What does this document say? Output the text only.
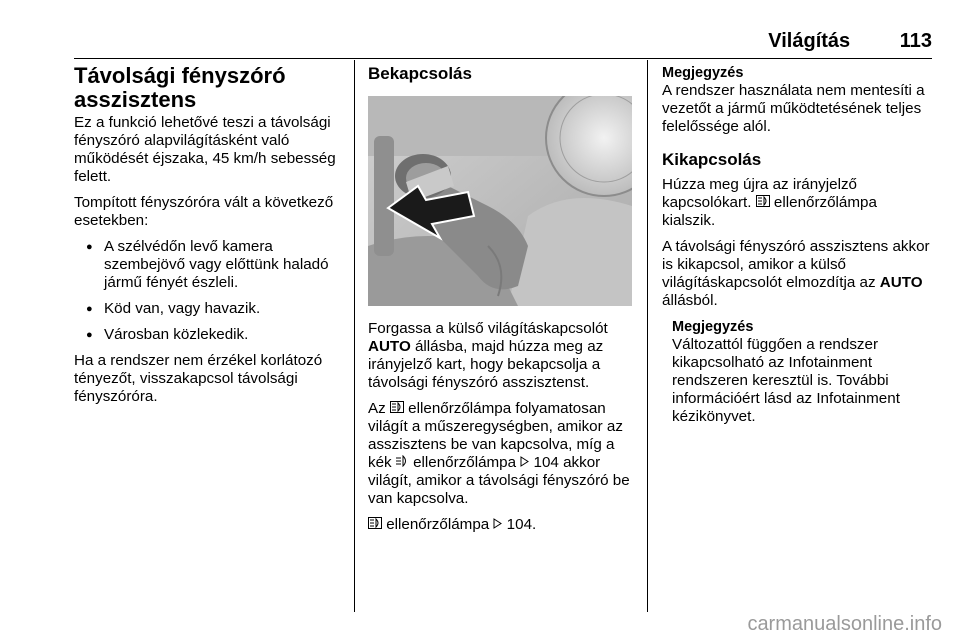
Világítás 113
Távolsági fényszóró asszisztens

Ez a funkció lehetővé teszi a távolsági fényszóró alapvilágításként való működését éjszaka, 45 km/h sebesség felett.

Tompított fényszóróra vált a következő esetekben:

● A szélvédőn levő kamera szembejövő vagy előttünk haladó jármű fényét észleli.
● Köd van, vagy havazik.
● Városban közlekedik.

Ha a rendszer nem érzékel korlátozó tényezőt, visszakapcsol távolsági fényszóróra.

Bekapcsolás

Forgassa a külső világításkapcsolót AUTO állásba, majd húzza meg az irányjelző kart, hogy bekapcsolja a távolsági fényszóró asszisztenst.

Az  ellenőrzőlámpa folyamatosan világít a műszeregységben, amikor az asszisztens be van kapcsolva, míg a kék  ellenőrzőlámpa  104 akkor világít, amikor a távolsági fényszóró be van kapcsolva.

ellenőrzőlámpa  104.

Megjegyzés
A rendszer használata nem mentesíti a vezetőt a jármű működtetésének teljes felelőssége alól.
Kikapcsolás

Húzza meg újra az irányjelző kapcsolókart.  ellenőrzőlámpa kialszik.

A távolsági fényszóró asszisztens akkor is kikapcsol, amikor a külső világításkapcsolót elmozdítja az AUTO állásból.

Megjegyzés
Változattól függően a rendszer kikapcsolható az Infotainment rendszeren keresztül is. További információért lásd az Infotainment kézikönyvet.
carmanualsonline.info
